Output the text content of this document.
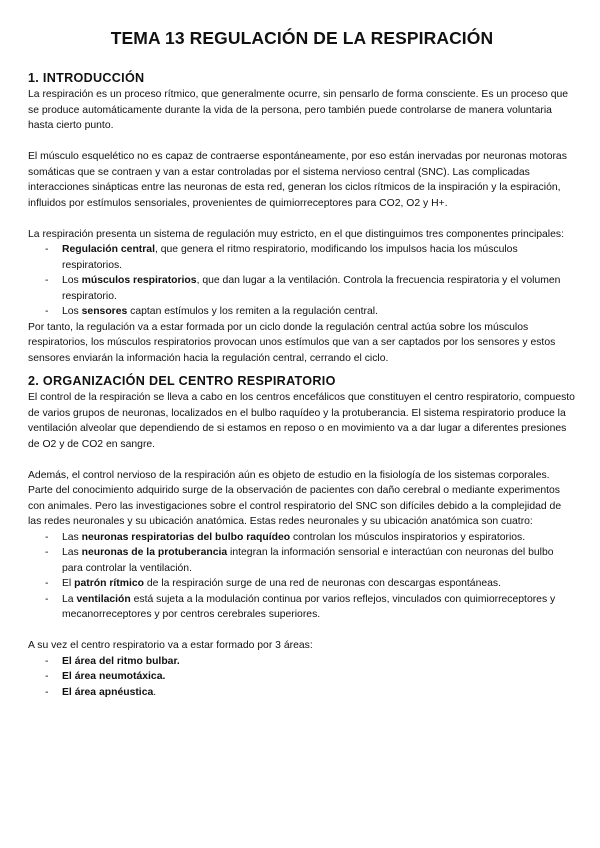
TEMA 13 REGULACIÓN DE LA RESPIRACIÓN
1. INTRODUCCIÓN

La respiración es un proceso rítmico, que generalmente ocurre, sin pensarlo de forma consciente. Es un proceso que se produce automáticamente durante la vida de la persona, pero también puede controlarse de manera voluntaria hasta cierto punto.

El músculo esquelético no es capaz de contraerse espontáneamente, por eso están inervadas por neuronas motoras somáticas que se contraen y van a estar controladas por el sistema nervioso central (SNC). Las complicadas interacciones sinápticas entre las neuronas de esta red, generan los ciclos rítmicos de la inspiración y la espiración, influidos por estímulos sensoriales, provenientes de quimiorreceptores para CO2, O2 y H+.

La respiración presenta un sistema de regulación muy estricto, en el que distinguimos tres componentes principales:

- Regulación central, que genera el ritmo respiratorio, modificando los impulsos hacia los músculos respiratorios.
- Los músculos respiratorios, que dan lugar a la ventilación. Controla la frecuencia respiratoria y el volumen respiratorio.
- Los sensores captan estímulos y los remiten a la regulación central.

Por tanto, la regulación va a estar formada por un ciclo donde la regulación central actúa sobre los músculos respiratorios, los músculos respiratorios provocan unos estímulos que van a ser captados por los sensores y estos sensores enviarán la información hacia la regulación central, cerrando el ciclo.

2. ORGANIZACIÓN DEL CENTRO RESPIRATORIO

El control de la respiración se lleva a cabo en los centros encefálicos que constituyen el centro respiratorio, compuesto de varios grupos de neuronas, localizados en el bulbo raquídeo y la protuberancia. El sistema respiratorio produce la ventilación alveolar que dependiendo de si estamos en reposo o en movimiento va a dar lugar a diferentes presiones de O2 y de CO2 en sangre.

Además, el control nervioso de la respiración aún es objeto de estudio en la fisiología de los sistemas corporales. Parte del conocimiento adquirido surge de la observación de pacientes con daño cerebral o mediante experimentos con animales. Pero las investigaciones sobre el control respiratorio del SNC son difíciles debido a la complejidad de las redes neuronales y su ubicación anatómica. Estas redes neuronales y su ubicación anatómica son cuatro:

- Las neuronas respiratorias del bulbo raquídeo controlan los músculos inspiratorios y espiratorios.
- Las neuronas de la protuberancia integran la información sensorial e interactúan con neuronas del bulbo para controlar la ventilación.
- El patrón rítmico de la respiración surge de una red de neuronas con descargas espontáneas.
- La ventilación está sujeta a la modulación continua por varios reflejos, vinculados con quimiorreceptores y mecanorreceptores y por centros cerebrales superiores.

A su vez el centro respiratorio va a estar formado por 3 áreas:

- El área del ritmo bulbar.
- El área neumotáxica.
- El área apnéustica.
